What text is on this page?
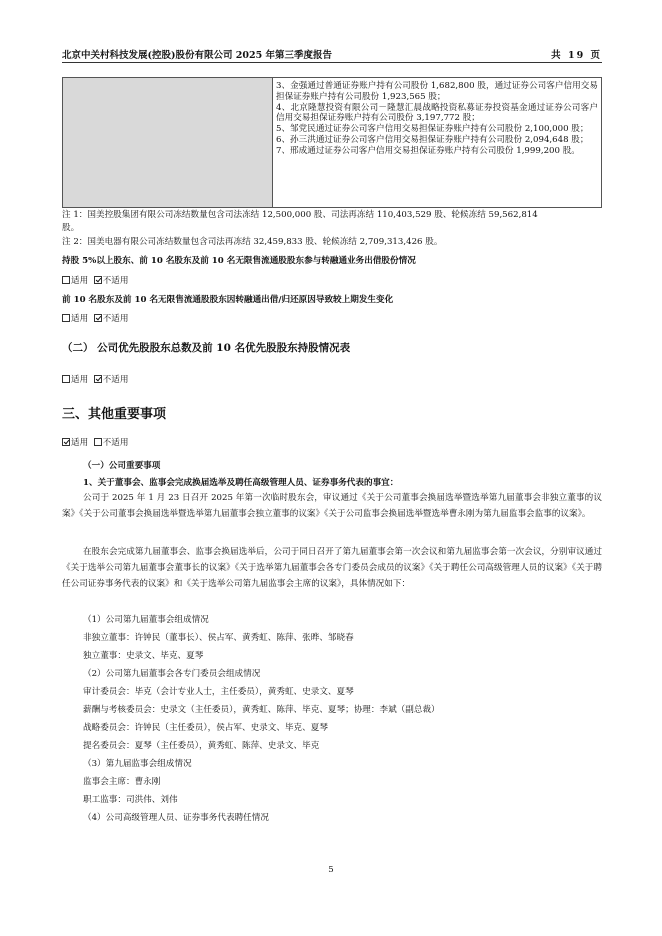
北京中关村科技发展(控股)股份有限公司 2025 年第三季度报告	共 19 页
3、金强通过普通证券账户持有公司股份 1,682,800 股，通过证券公司客户信用交易担保证券账户持有公司股份 1,923,565 股；
4、北京隆慧投资有限公司－隆慧汇晨战略投资私募证券投资基金通过证券公司客户信用交易担保证券账户持有公司股份 3,197,772 股；
5、邹党民通过证券公司客户信用交易担保证券账户持有公司股份 2,100,000 股；
6、孙三洪通过证券公司客户信用交易担保证券账户持有公司股份 2,094,648 股；
7、邢成通过证券公司客户信用交易担保证券账户持有公司股份 1,999,200 股。
注 1：国美控股集团有限公司冻结数量包含司法冻结 12,500,000 股、司法再冻结 110,403,529 股、轮候冻结 59,562,814
股。
注 2：国美电器有限公司冻结数量包含司法再冻结 32,459,833 股、轮候冻结 2,709,313,426 股。
持股 5%以上股东、前 10 名股东及前 10 名无限售流通股股东参与转融通业务出借股份情况
适用 不适用
前 10 名股东及前 10 名无限售流通股股东因转融通出借/归还原因导致较上期发生变化
适用 不适用
（二） 公司优先股股东总数及前 10 名优先股股东持股情况表
适用 不适用
三、其他重要事项
适用 不适用
（一）公司重要事项
1、关于董事会、监事会完成换届选举及聘任高级管理人员、证券事务代表的事宜：
公司于 2025 年 1 月 23 日召开 2025 年第一次临时股东会，审议通过《关于公司董事会换届选举暨选举第九届董事会非独立董事的议案》《关于公司董事会换届选举暨选举第九届董事会独立董事的议案》《关于公司监事会换届选举暨选举曹永刚为第九届监事会监事的议案》。
在股东会完成第九届董事会、监事会换届选举后，公司于同日召开了第九届董事会第一次会议和第九届监事会第一次会议，分别审议通过《关于选举公司第九届董事会董事长的议案》《关于选举第九届董事会各专门委员会成员的议案》《关于聘任公司高级管理人员的议案》《关于聘任公司证券事务代表的议案》和《关于选举公司第九届监事会主席的议案》，具体情况如下：
（1）公司第九届董事会组成情况
非独立董事：许钟民（董事长）、侯占军、黄秀虹、陈萍、张晔、邹晓春
独立董事：史录文、毕克、夏琴
（2）公司第九届董事会各专门委员会组成情况
审计委员会：毕克（会计专业人士，主任委员），黄秀虹、史录文、夏琴
薪酬与考核委员会：史录文（主任委员），黄秀虹、陈萍、毕克、夏琴；协理：李斌（副总裁）
战略委员会：许钟民（主任委员），侯占军、史录文、毕克、夏琴
提名委员会：夏琴（主任委员），黄秀虹、陈萍、史录文、毕克
（3）第九届监事会组成情况
监事会主席：曹永刚
职工监事：司洪伟、刘伟
（4）公司高级管理人员、证券事务代表聘任情况
5
